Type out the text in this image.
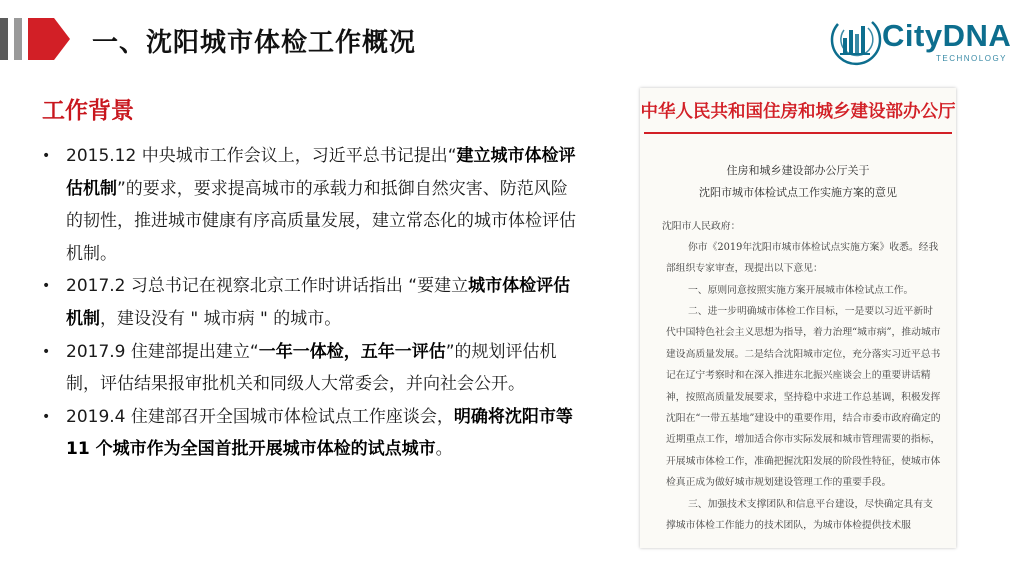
一、沈阳城市体检工作概况	CityDNA
TECHNOLOGY
工作背景
• 2015.12 中央城市工作会议上，习近平总书记提出“建立城市体检评估机制”的要求，要求提高城市的承载力和抵御自然灾害、防范风险的韧性，推进城市健康有序高质量发展，建立常态化的城市体检评估机制。
• 2017.2 习总书记在视察北京工作时讲话指出 “要建立城市体检评估机制，建设没有 " 城市病 " 的城市。
• 2017.9 住建部提出建立“一年一体检，五年一评估”的规划评估机制，评估结果报审批机关和同级人大常委会，并向社会公开。
• 2019.4 住建部召开全国城市体检试点工作座谈会，明确将沈阳市等 11 个城市作为全国首批开展城市体检的试点城市。
中华人民共和国住房和城乡建设部办公厅
住房和城乡建设部办公厅关于
沈阳市城市体检试点工作实施方案的意见

沈阳市人民政府：

你市《2019年沈阳市城市体检试点实施方案》收悉。经我部组织专家审查，现提出以下意见：

一、原则同意按照实施方案开展城市体检试点工作。

二、进一步明确城市体检工作目标，一是要以习近平新时代中国特色社会主义思想为指导，着力治理“城市病”，推动城市建设高质量发展。二是结合沈阳城市定位，充分落实习近平总书记在辽宁考察时和在深入推进东北振兴座谈会上的重要讲话精神，按照高质量发展要求，坚持稳中求进工作总基调，积极发挥沈阳在“一带五基地”建设中的重要作用，结合市委市政府确定的近期重点工作，增加适合你市实际发展和城市管理需要的指标，开展城市体检工作，准确把握沈阳发展的阶段性特征，使城市体检真正成为做好城市规划建设管理工作的重要手段。

三、加强技术支撑团队和信息平台建设，尽快确定具有支撑城市体检工作能力的技术团队，为城市体检提供技术服
